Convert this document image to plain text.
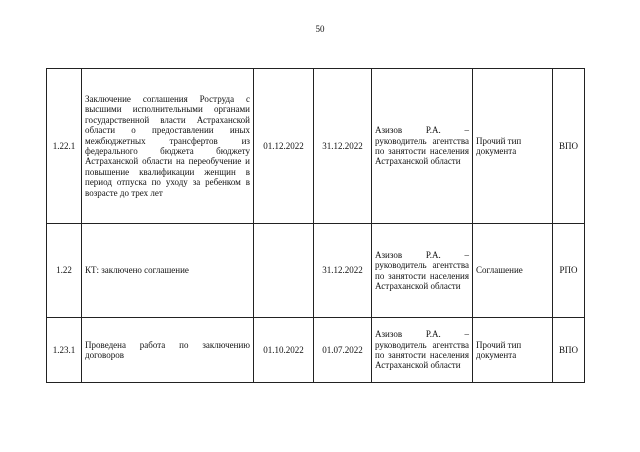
50
1.22.1	Заключение соглашения Роструда с высшими исполнительными органами государственной власти Астраханской области о предоставлении иных межбюджетных трансфертов из федерального бюджета бюджету Астраханской области на переобучение и повышение квалификации женщин в период отпуска по уходу за ребенком в возрасте до трех лет	01.12.2022	31.12.2022	Азизов Р.А. – руководитель агентства по занятости населения Астраханской области	Прочий тип документа	ВПО
1.22	КТ: заключено соглашение		31.12.2022	Азизов Р.А. – руководитель агентства по занятости населения Астраханской области	Соглашение	РПО
1.23.1	Проведена работа по заключению договоров	01.10.2022	01.07.2022	Азизов Р.А. – руководитель агентства по занятости населения Астраханской области	Прочий тип документа	ВПО
